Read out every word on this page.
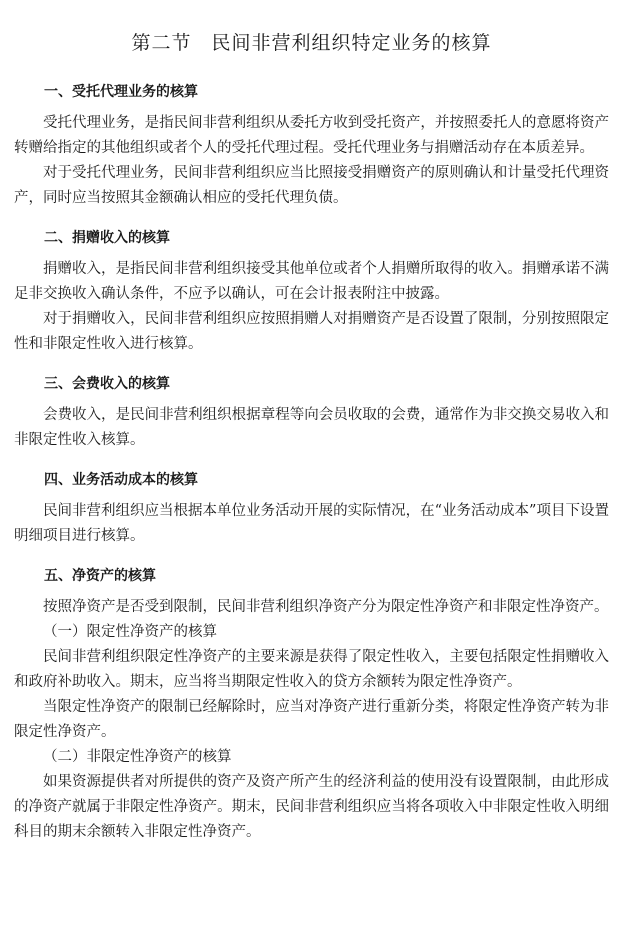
第二节　民间非营利组织特定业务的核算
一、受托代理业务的核算

受托代理业务，是指民间非营利组织从委托方收到受托资产，并按照委托人的意愿将资产转赠给指定的其他组织或者个人的受托代理过程。受托代理业务与捐赠活动存在本质差异。

对于受托代理业务，民间非营利组织应当比照接受捐赠资产的原则确认和计量受托代理资产，同时应当按照其金额确认相应的受托代理负债。

二、捐赠收入的核算

捐赠收入，是指民间非营利组织接受其他单位或者个人捐赠所取得的收入。捐赠承诺不满足非交换收入确认条件，不应予以确认，可在会计报表附注中披露。

对于捐赠收入，民间非营利组织应按照捐赠人对捐赠资产是否设置了限制，分别按照限定性和非限定性收入进行核算。

三、会费收入的核算

会费收入，是民间非营利组织根据章程等向会员收取的会费，通常作为非交换交易收入和非限定性收入核算。

四、业务活动成本的核算

民间非营利组织应当根据本单位业务活动开展的实际情况，在“业务活动成本”项目下设置明细项目进行核算。

五、净资产的核算

按照净资产是否受到限制，民间非营利组织净资产分为限定性净资产和非限定性净资产。

（一）限定性净资产的核算

民间非营利组织限定性净资产的主要来源是获得了限定性收入，主要包括限定性捐赠收入和政府补助收入。期末，应当将当期限定性收入的贷方余额转为限定性净资产。

当限定性净资产的限制已经解除时，应当对净资产进行重新分类，将限定性净资产转为非限定性净资产。

（二）非限定性净资产的核算

如果资源提供者对所提供的资产及资产所产生的经济利益的使用没有设置限制，由此形成的净资产就属于非限定性净资产。期末，民间非营利组织应当将各项收入中非限定性收入明细科目的期末余额转入非限定性净资产。
